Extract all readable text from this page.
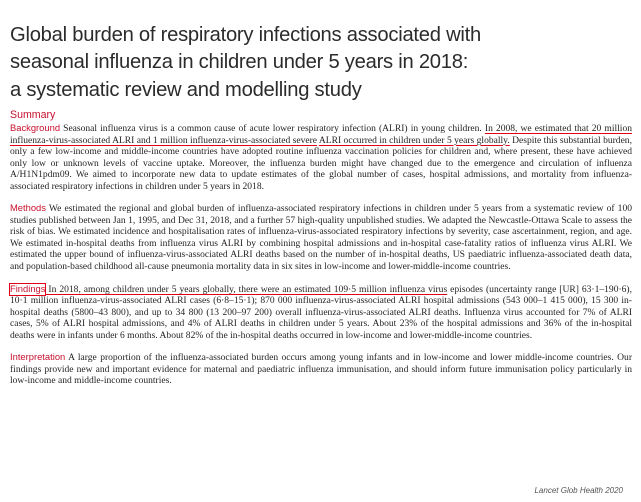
Global burden of respiratory infections associated with
seasonal influenza in children under 5 years in 2018:
a systematic review and modelling study
Summary

Background Seasonal influenza virus is a common cause of acute lower respiratory infection (ALRI) in young children. In 2008, we estimated that 20 million influenza-virus-associated ALRI and 1 million influenza-virus-associated severe ALRI occurred in children under 5 years globally. Despite this substantial burden, only a few low-income and middle-income countries have adopted routine influenza vaccination policies for children and, where present, these have achieved only low or unknown levels of vaccine uptake. Moreover, the influenza burden might have changed due to the emergence and circulation of influenza A/H1N1pdm09. We aimed to incorporate new data to update estimates of the global number of cases, hospital admissions, and mortality from influenza-associated respiratory infections in children under 5 years in 2018.

Methods We estimated the regional and global burden of influenza-associated respiratory infections in children under 5 years from a systematic review of 100 studies published between Jan 1, 1995, and Dec 31, 2018, and a further 57 high-quality unpublished studies. We adapted the Newcastle-Ottawa Scale to assess the risk of bias. We estimated incidence and hospitalisation rates of influenza-virus-associated respiratory infections by severity, case ascertainment, region, and age. We estimated in-hospital deaths from influenza virus ALRI by combining hospital admissions and in-hospital case-fatality ratios of influenza virus ALRI. We estimated the upper bound of influenza-virus-associated ALRI deaths based on the number of in-hospital deaths, US paediatric influenza-associated death data, and population-based childhood all-cause pneumonia mortality data in six sites in low-income and lower-middle-income countries.

Findings In 2018, among children under 5 years globally, there were an estimated 109·5 million influenza virus episodes (uncertainty range [UR] 63·1–190·6), 10·1 million influenza-virus-associated ALRI cases (6·8–15·1); 870 000 influenza-virus-associated ALRI hospital admissions (543 000–1 415 000), 15 300 in-hospital deaths (5800–43 800), and up to 34 800 (13 200–97 200) overall influenza-virus-associated ALRI deaths. Influenza virus accounted for 7% of ALRI cases, 5% of ALRI hospital admissions, and 4% of ALRI deaths in children under 5 years. About 23% of the hospital admissions and 36% of the in-hospital deaths were in infants under 6 months. About 82% of the in-hospital deaths occurred in low-income and lower-middle-income countries.

Interpretation A large proportion of the influenza-associated burden occurs among young infants and in low-income and lower middle-income countries. Our findings provide new and important evidence for maternal and paediatric influenza immunisation, and should inform future immunisation policy particularly in low-income and middle-income countries.

Lancet Glob Health 2020
